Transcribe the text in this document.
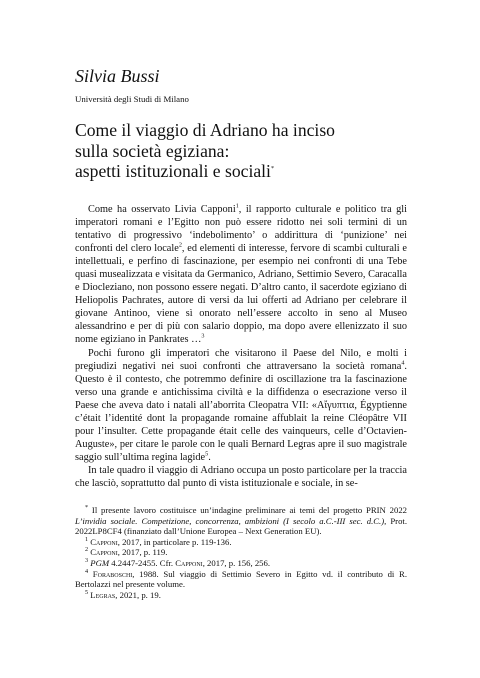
Silvia Bussi

Università degli Studi di Milano

Come il viaggio di Adriano ha inciso
sulla società egiziana:
aspetti istituzionali e sociali*

Come ha osservato Livia Capponi$^1$, il rapporto culturale e politico tra gli imperatori romani e l’Egitto non può essere ridotto nei soli termini di un tentativo di progressivo ‘indebolimento’ o addirittura di ‘punizione’ nei confronti del clero locale$^2$, ed elementi di interesse, fervore di scambi culturali e intellettuali, e perfino di fascinazione, per esempio nei confronti di una Tebe quasi musealizzata e visitata da Germanico, Adriano, Settimio Severo, Caracalla e Diocleziano, non possono essere negati. D’altro canto, il sacerdote egiziano di Heliopolis Pachrates, autore di versi da lui offerti ad Adriano per celebrare il giovane Antinoo, viene sì onorato nell’essere accolto in seno al Museo alessandrino e per di più con salario doppio, ma dopo avere ellenizzato il suo nome egiziano in Pankrates …$^3$

Pochi furono gli imperatori che visitarono il Paese del Nilo, e molti i pregiudizi negativi nei suoi confronti che attraversano la società romana$^4$. Questo è il contesto, che potremmo definire di oscillazione tra la fascinazione verso una grande e antichissima civiltà e la diffidenza o esecrazione verso il Paese che aveva dato i natali all’aborrita Cleopatra VII: «Αἴγυπτια, Égyptienne c’était l’identité dont la propagande romaine affublait la reine Cléopâtre VII pour l’insulter. Cette propagande était celle des vainqueurs, celle d’Octavien-Auguste», per citare le parole con le quali Bernard Legras apre il suo magistrale saggio sull’ultima regina lagide$^5$.

In tale quadro il viaggio di Adriano occupa un posto particolare per la traccia che lasciò, soprattutto dal punto di vista istituzionale e sociale, in se-

* Il presente lavoro costituisce un’indagine preliminare ai temi del progetto PRIN 2022 L’invidia sociale. Competizione, concorrenza, ambizioni (I secolo a.C.-III sec. d.C.), Prot. 2022LP8CF4 (finanziato dall’Unione Europea – Next Generation EU).

$^1$ Capponi, 2017, in particolare p. 119-136.

$^2$ Capponi, 2017, p. 119.

$^3$ PGM 4.2447-2455. Cfr. Capponi, 2017, p. 156, 256.

$^4$ Foraboschi, 1988. Sul viaggio di Settimio Severo in Egitto vd. il contributo di R. Bertolazzi nel presente volume.

$^5$ Legras, 2021, p. 19.
